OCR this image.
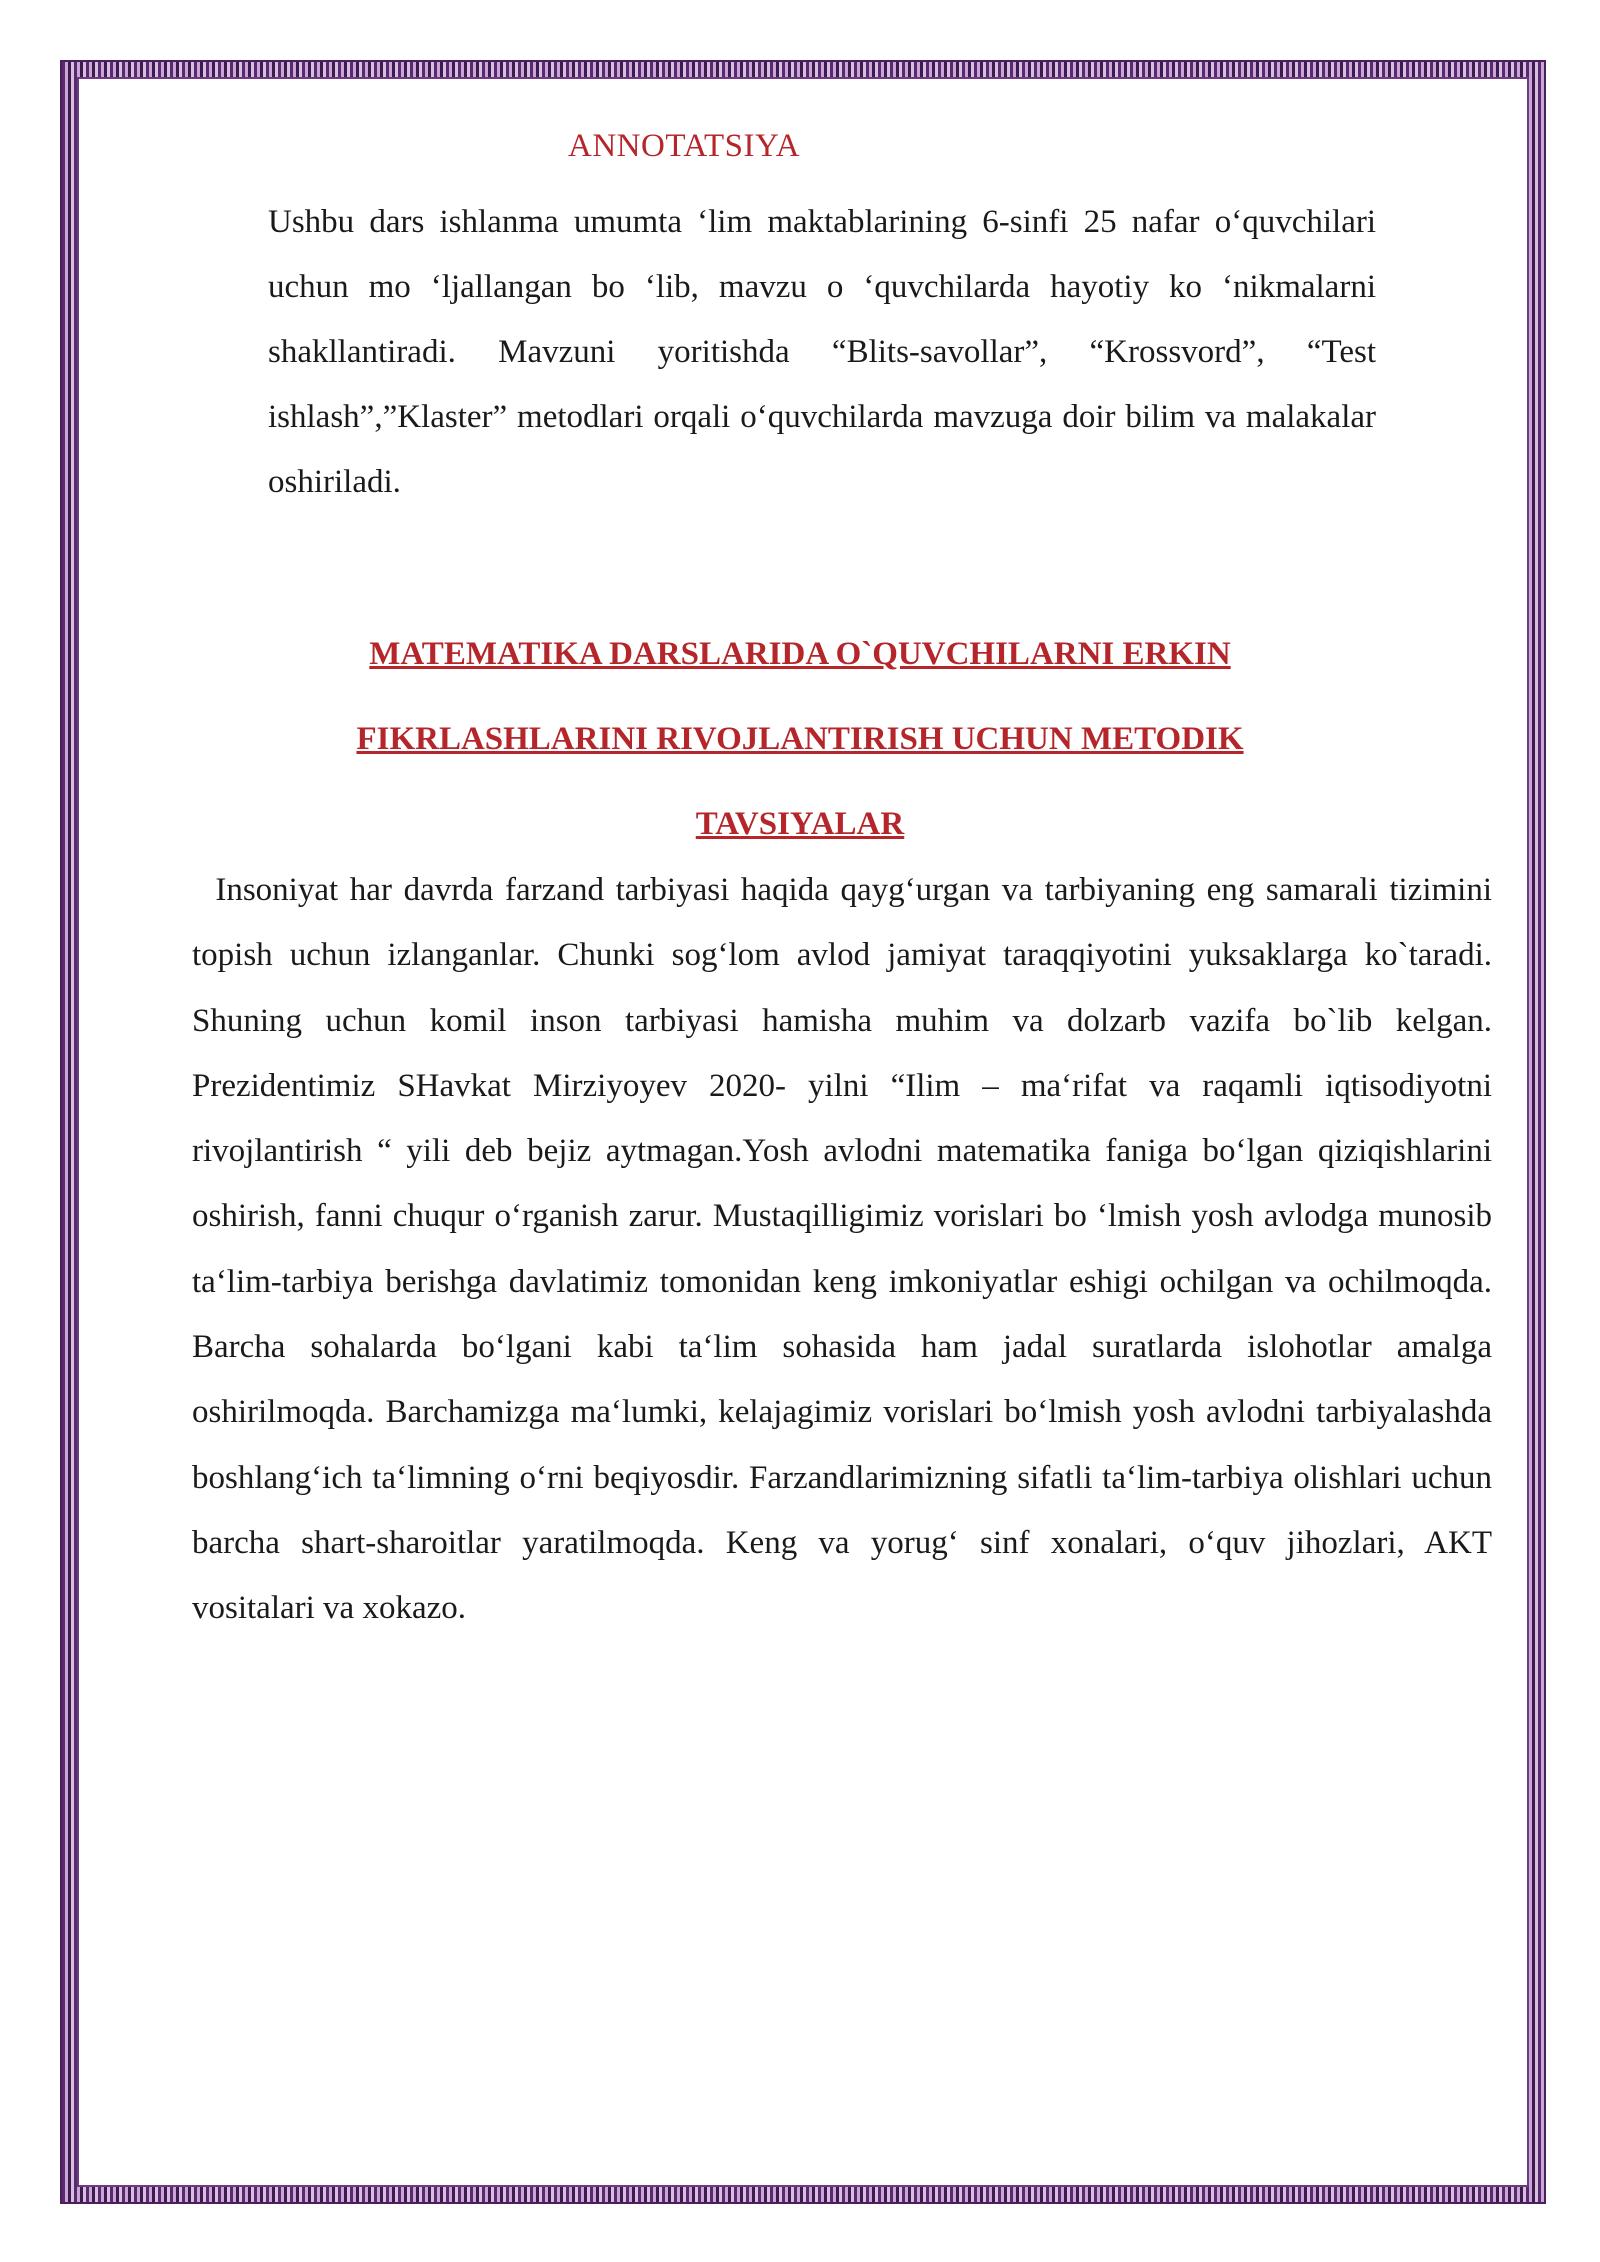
ANNOTATSIYA

Ushbu dars ishlanma umumta ‘lim maktablarining 6-sinfi 25 nafar o‘quvchilari uchun mo ‘ljallangan bo ‘lib, mavzu o ‘quvchilarda hayotiy ko ‘nikmalarni shakllantiradi. Mavzuni yoritishda “Blits-savollar”, “Krossvord”, “Test ishlash”,”Klaster” metodlari orqali o‘quvchilarda mavzuga doir bilim va malakalar oshiriladi.

MATEMATIKA DARSLARIDA O`QUVCHILARNI ERKIN
FIKRLASHLARINI RIVOJLANTIRISH UCHUN METODIK
TAVSIYALAR

Insoniyat har davrda farzand tarbiyasi haqida qayg‘urgan va tarbiyaning eng samarali tizimini topish uchun izlanganlar. Chunki sog‘lom avlod jamiyat taraqqiyotini yuksaklarga ko`taradi. Shuning uchun komil inson tarbiyasi hamisha muhim va dolzarb vazifa bo`lib kelgan. Prezidentimiz SHavkat Mirziyoyev 2020- yilni “Ilim – ma‘rifat va raqamli iqtisodiyotni rivojlantirish “ yili deb bejiz aytmagan.Yosh avlodni matematika faniga bo‘lgan qiziqishlarini oshirish, fanni chuqur o‘rganish zarur. Mustaqilligimiz vorislari bo ‘lmish yosh avlodga munosib ta‘lim-tarbiya berishga davlatimiz tomonidan keng imkoniyatlar eshigi ochilgan va ochilmoqda. Barcha sohalarda bo‘lgani kabi ta‘lim sohasida ham jadal suratlarda islohotlar amalga oshirilmoqda. Barchamizga ma‘lumki, kelajagimiz vorislari bo‘lmish yosh avlodni tarbiyalashda boshlang‘ich ta‘limning o‘rni beqiyosdir. Farzandlarimizning sifatli ta‘lim-tarbiya olishlari uchun barcha shart-sharoitlar yaratilmoqda. Keng va yorug‘ sinf xonalari, o‘quv jihozlari, AKT vositalari va xokazo.
